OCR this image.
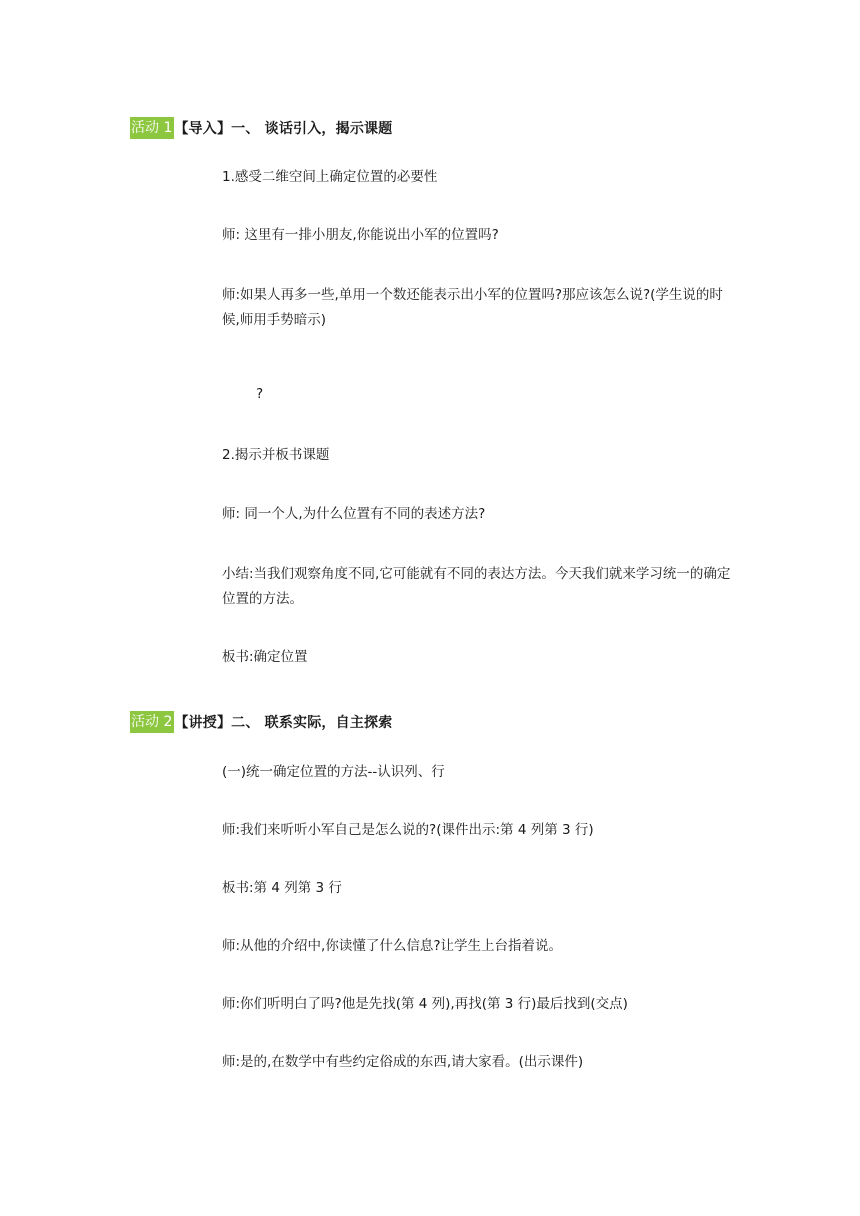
活动 1 【导入】一、 谈话引入，揭示课题

1.感受二维空间上确定位置的必要性

师: 这里有一排小朋友,你能说出小军的位置吗?

师:如果人再多一些,单用一个数还能表示出小军的位置吗?那应该怎么说?(学生说的时候,师用手势暗示)

?

2.揭示并板书课题

师: 同一个人,为什么位置有不同的表述方法?

小结:当我们观察角度不同,它可能就有不同的表达方法。今天我们就来学习统一的确定位置的方法。

板书:确定位置

活动 2 【讲授】二、 联系实际，自主探索

(一)统一确定位置的方法--认识列、行

师:我们来听听小军自己是怎么说的?(课件出示:第 4 列第 3 行)

板书:第 4 列第 3 行

师:从他的介绍中,你读懂了什么信息?让学生上台指着说。

师:你们听明白了吗?他是先找(第 4 列),再找(第 3 行)最后找到(交点)

师:是的,在数学中有些约定俗成的东西,请大家看。(出示课件)
